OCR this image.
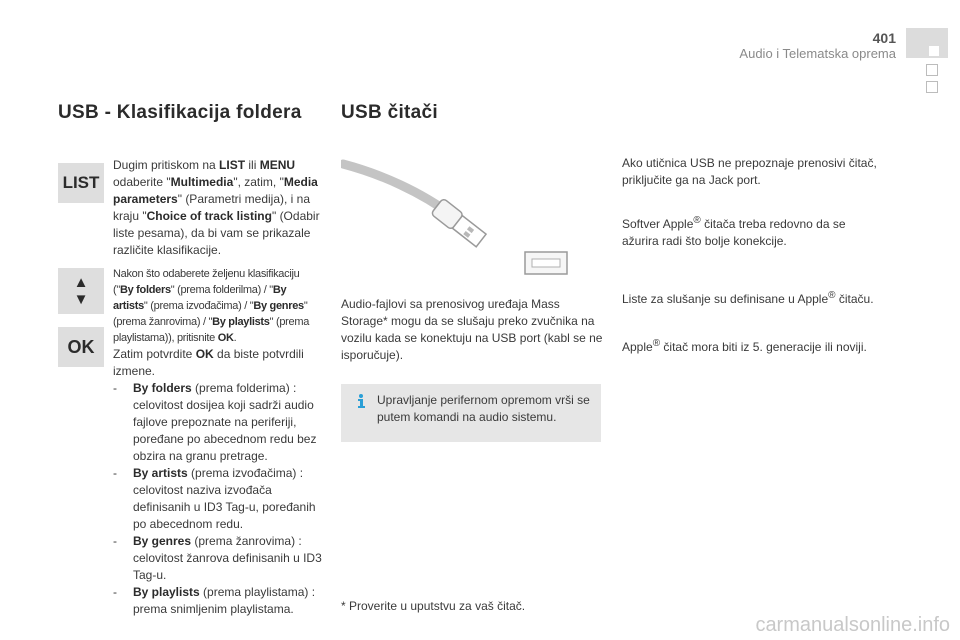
401
Audio i Telematska oprema
USB - Klasifikacija foldera
LIST
▲
▼
OK
Dugim pritiskom na LIST ili MENU odaberite "Multimedia", zatim, "Media parameters" (Parametri medija), i na kraju "Choice of track listing" (Odabir liste pesama), da bi vam se prikazale različite klasifikacije.
Nakon što odaberete željenu klasifikaciju ("By folders" (prema folderilma) / "By artists" (prema izvođačima) / "By genres" (prema žanrovima) / "By playlists" (prema playlistama)), pritisnite OK.
Zatim potvrdite OK da biste potvrdili izmene.
-	By folders (prema folderima) : celovitost dosijea koji sadrži audio fajlove prepoznate na periferiji, poređane po abecednom redu bez obzira na granu pretrage.
-	By artists (prema izvođačima) : celovitost naziva izvođača definisanih u ID3 Tag-u, poređanih po abecednom redu.
-	By genres (prema žanrovima) : celovitost žanrova definisanih u ID3 Tag-u.
-	By playlists (prema playlistama) : prema snimljenim playlistama.
USB čitači
Audio-fajlovi sa prenosivog uređaja Mass Storage* mogu da se slušaju preko zvučnika na vozilu kada se konektuju na USB port (kabl se ne isporučuje).
Upravljanje perifernom opremom vrši se putem komandi na audio sistemu.
* Proverite u uputstvu za vaš čitač.
Ako utičnica USB ne prepoznaje prenosivi čitač, priključite ga na Jack port.
Softver Apple® čitača treba redovno da se ažurira radi što bolje konekcije.
Liste za slušanje su definisane u Apple® čitaču.
Apple® čitač mora biti iz 5. generacije ili noviji.
carmanualsonline.info
